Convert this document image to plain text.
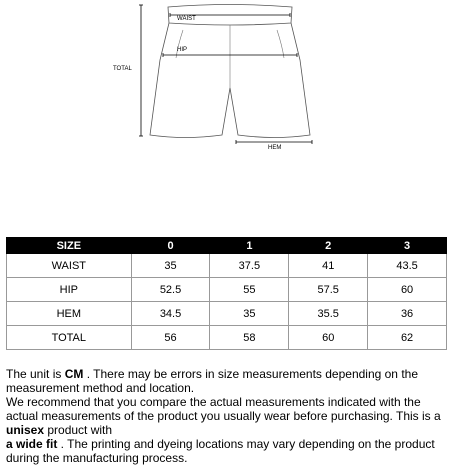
WAIST
HIP
TOTAL
HEM
SIZE	0	1	2	3
WAIST	35	37.5	41	43.5
HIP	52.5	55	57.5	60
HEM	34.5	35	35.5	36
TOTAL	56	58	60	62

The unit is CM . There may be errors in size measurements depending on the measurement method and location.

We recommend that you compare the actual measurements indicated with the actual measurements of the product you usually wear before purchasing. This is a

unisex product with

a wide fit . The printing and dyeing locations may vary depending on the product during the manufacturing process.
